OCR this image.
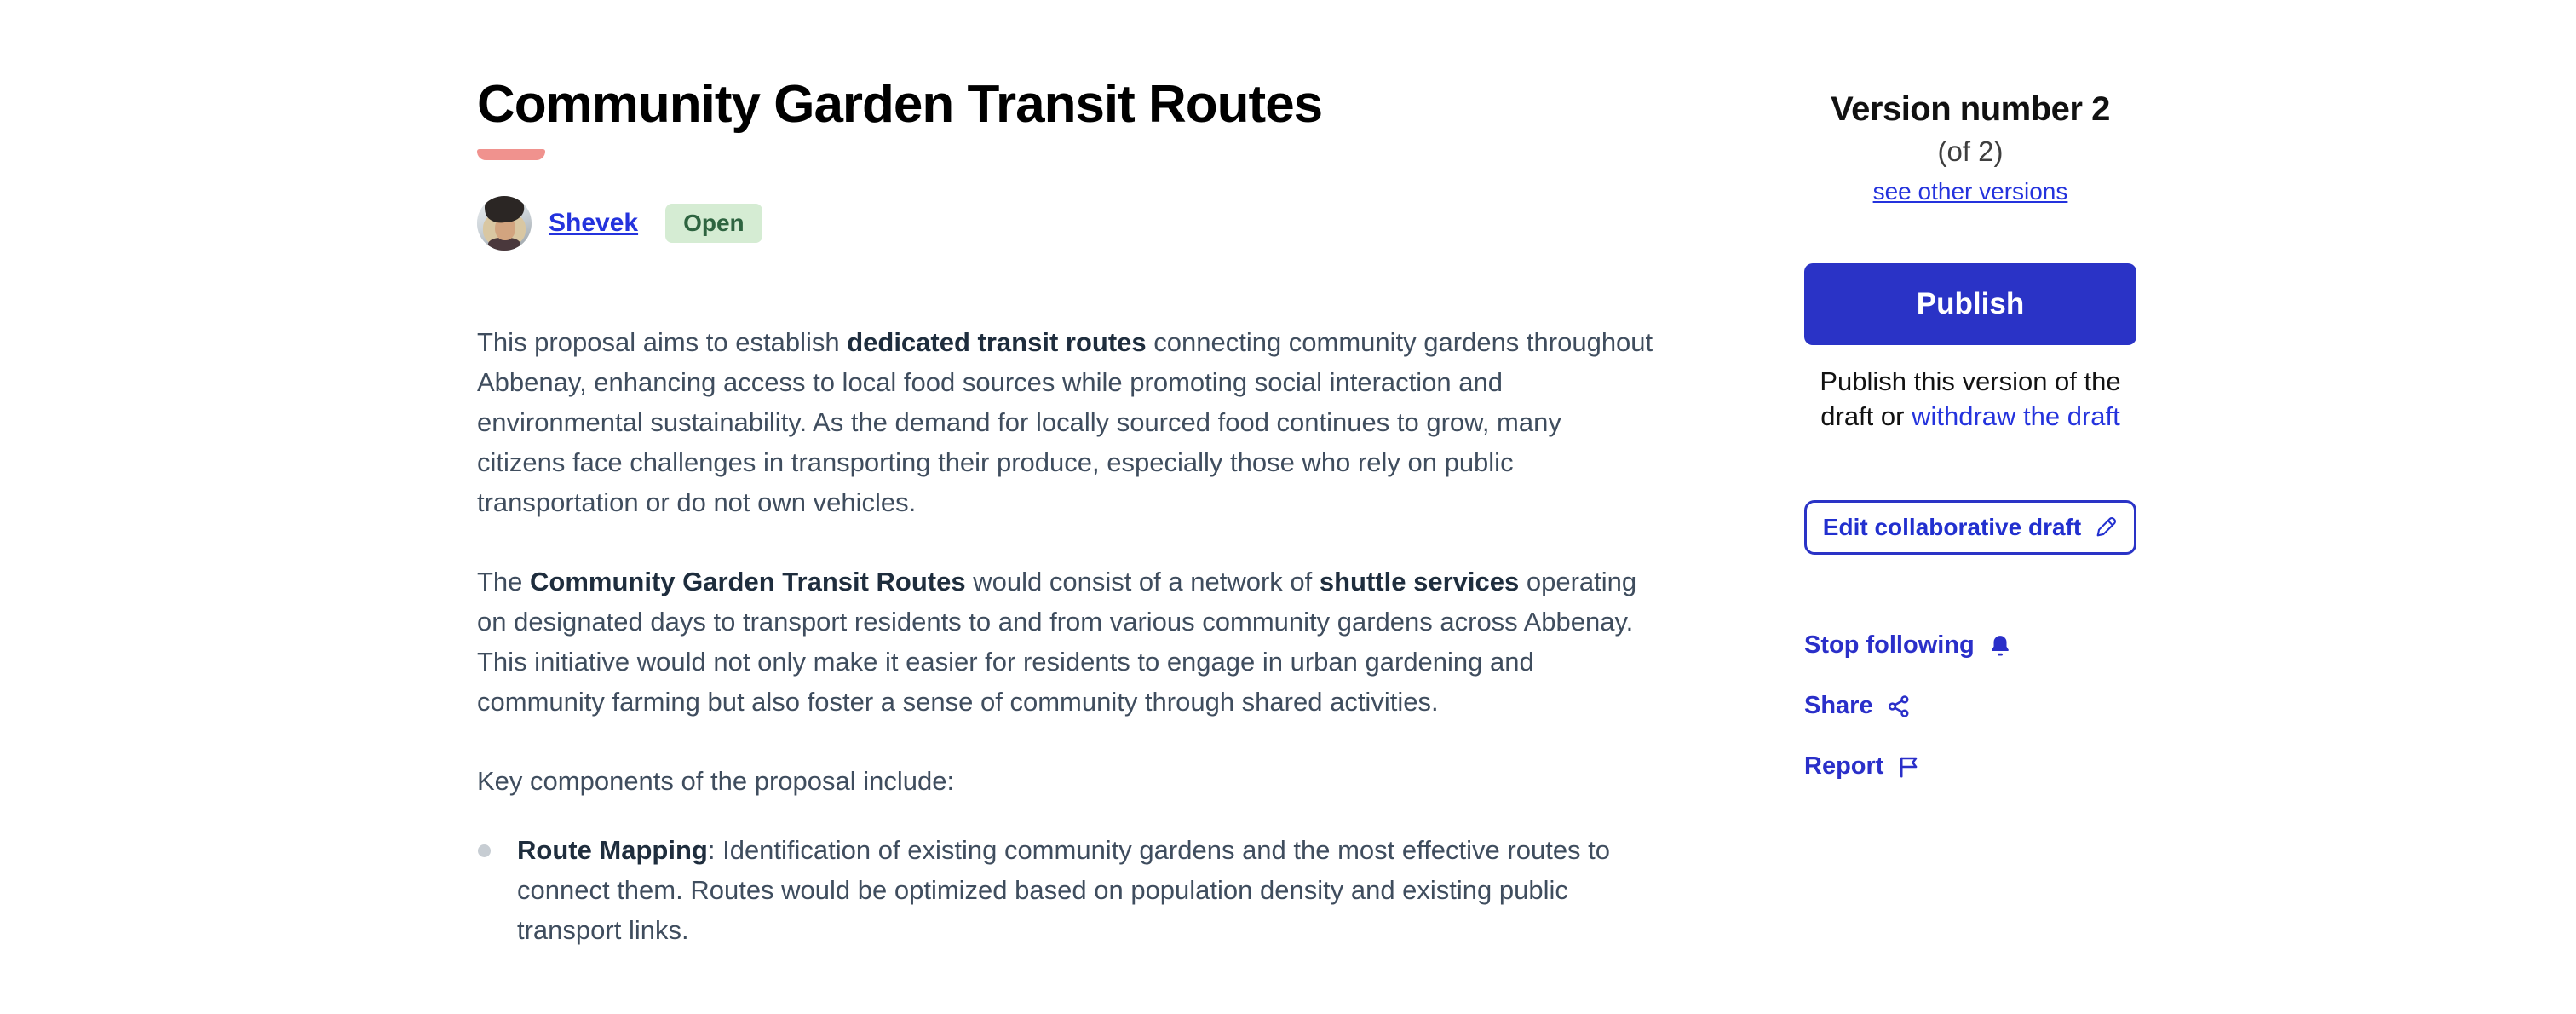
Community Garden Transit Routes
Shevek	Open

This proposal aims to establish dedicated transit routes connecting community gardens throughout Abbenay, enhancing access to local food sources while promoting social interaction and environmental sustainability. As the demand for locally sourced food continues to grow, many citizens face challenges in transporting their produce, especially those who rely on public transportation or do not own vehicles.

The Community Garden Transit Routes would consist of a network of shuttle services operating on designated days to transport residents to and from various community gardens across Abbenay. This initiative would not only make it easier for residents to engage in urban gardening and community farming but also foster a sense of community through shared activities.

Key components of the proposal include:

Route Mapping: Identification of existing community gardens and the most effective routes to connect them. Routes would be optimized based on population density and existing public transport links.
Version number 2
(of 2)
see other versions
Publish

Publish this version of the draft or withdraw the draft

Edit collaborative draft
Stop following
Share
Report
